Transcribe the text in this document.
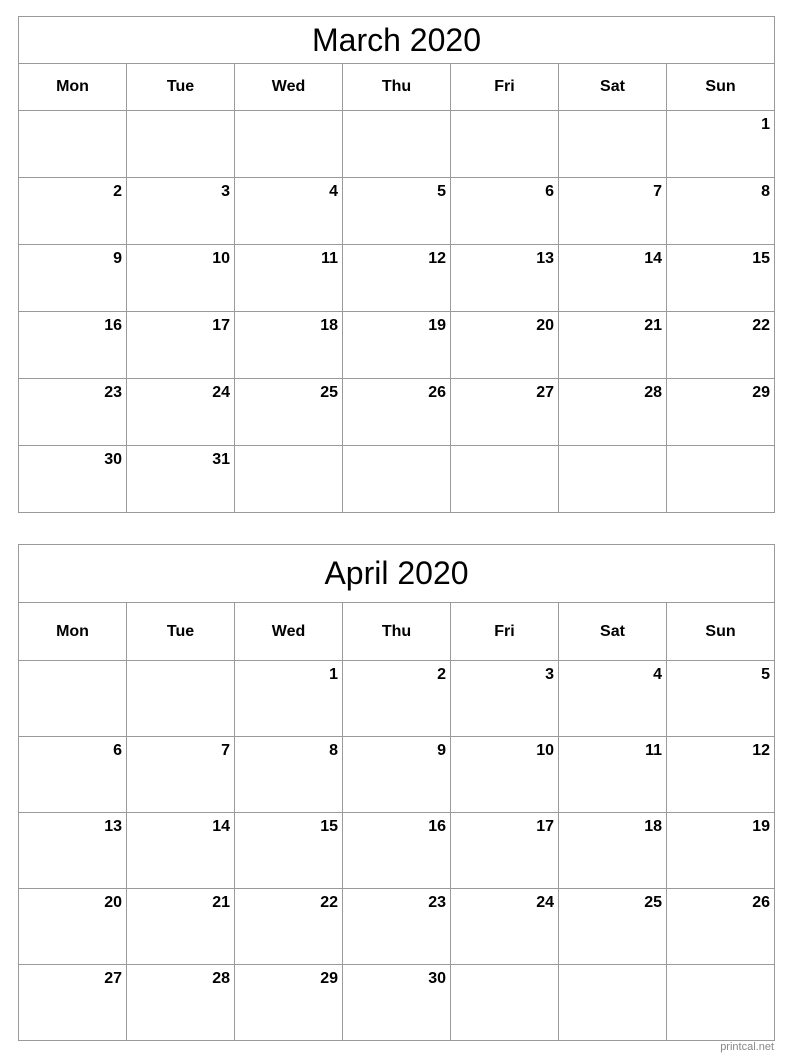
March 2020						
Mon	Tue	Wed	Thu	Fri	Sat	Sun

						1

2	3	4	5	6	7	8

9	10	11	12	13	14	15

16	17	18	19	20	21	22

23	24	25	26	27	28	29

30	31					

April 2020						
Mon	Tue	Wed	Thu	Fri	Sat	Sun

		1	2	3	4	5

6	7	8	9	10	11	12

13	14	15	16	17	18	19

20	21	22	23	24	25	26

27	28	29	30			

printcal.net
